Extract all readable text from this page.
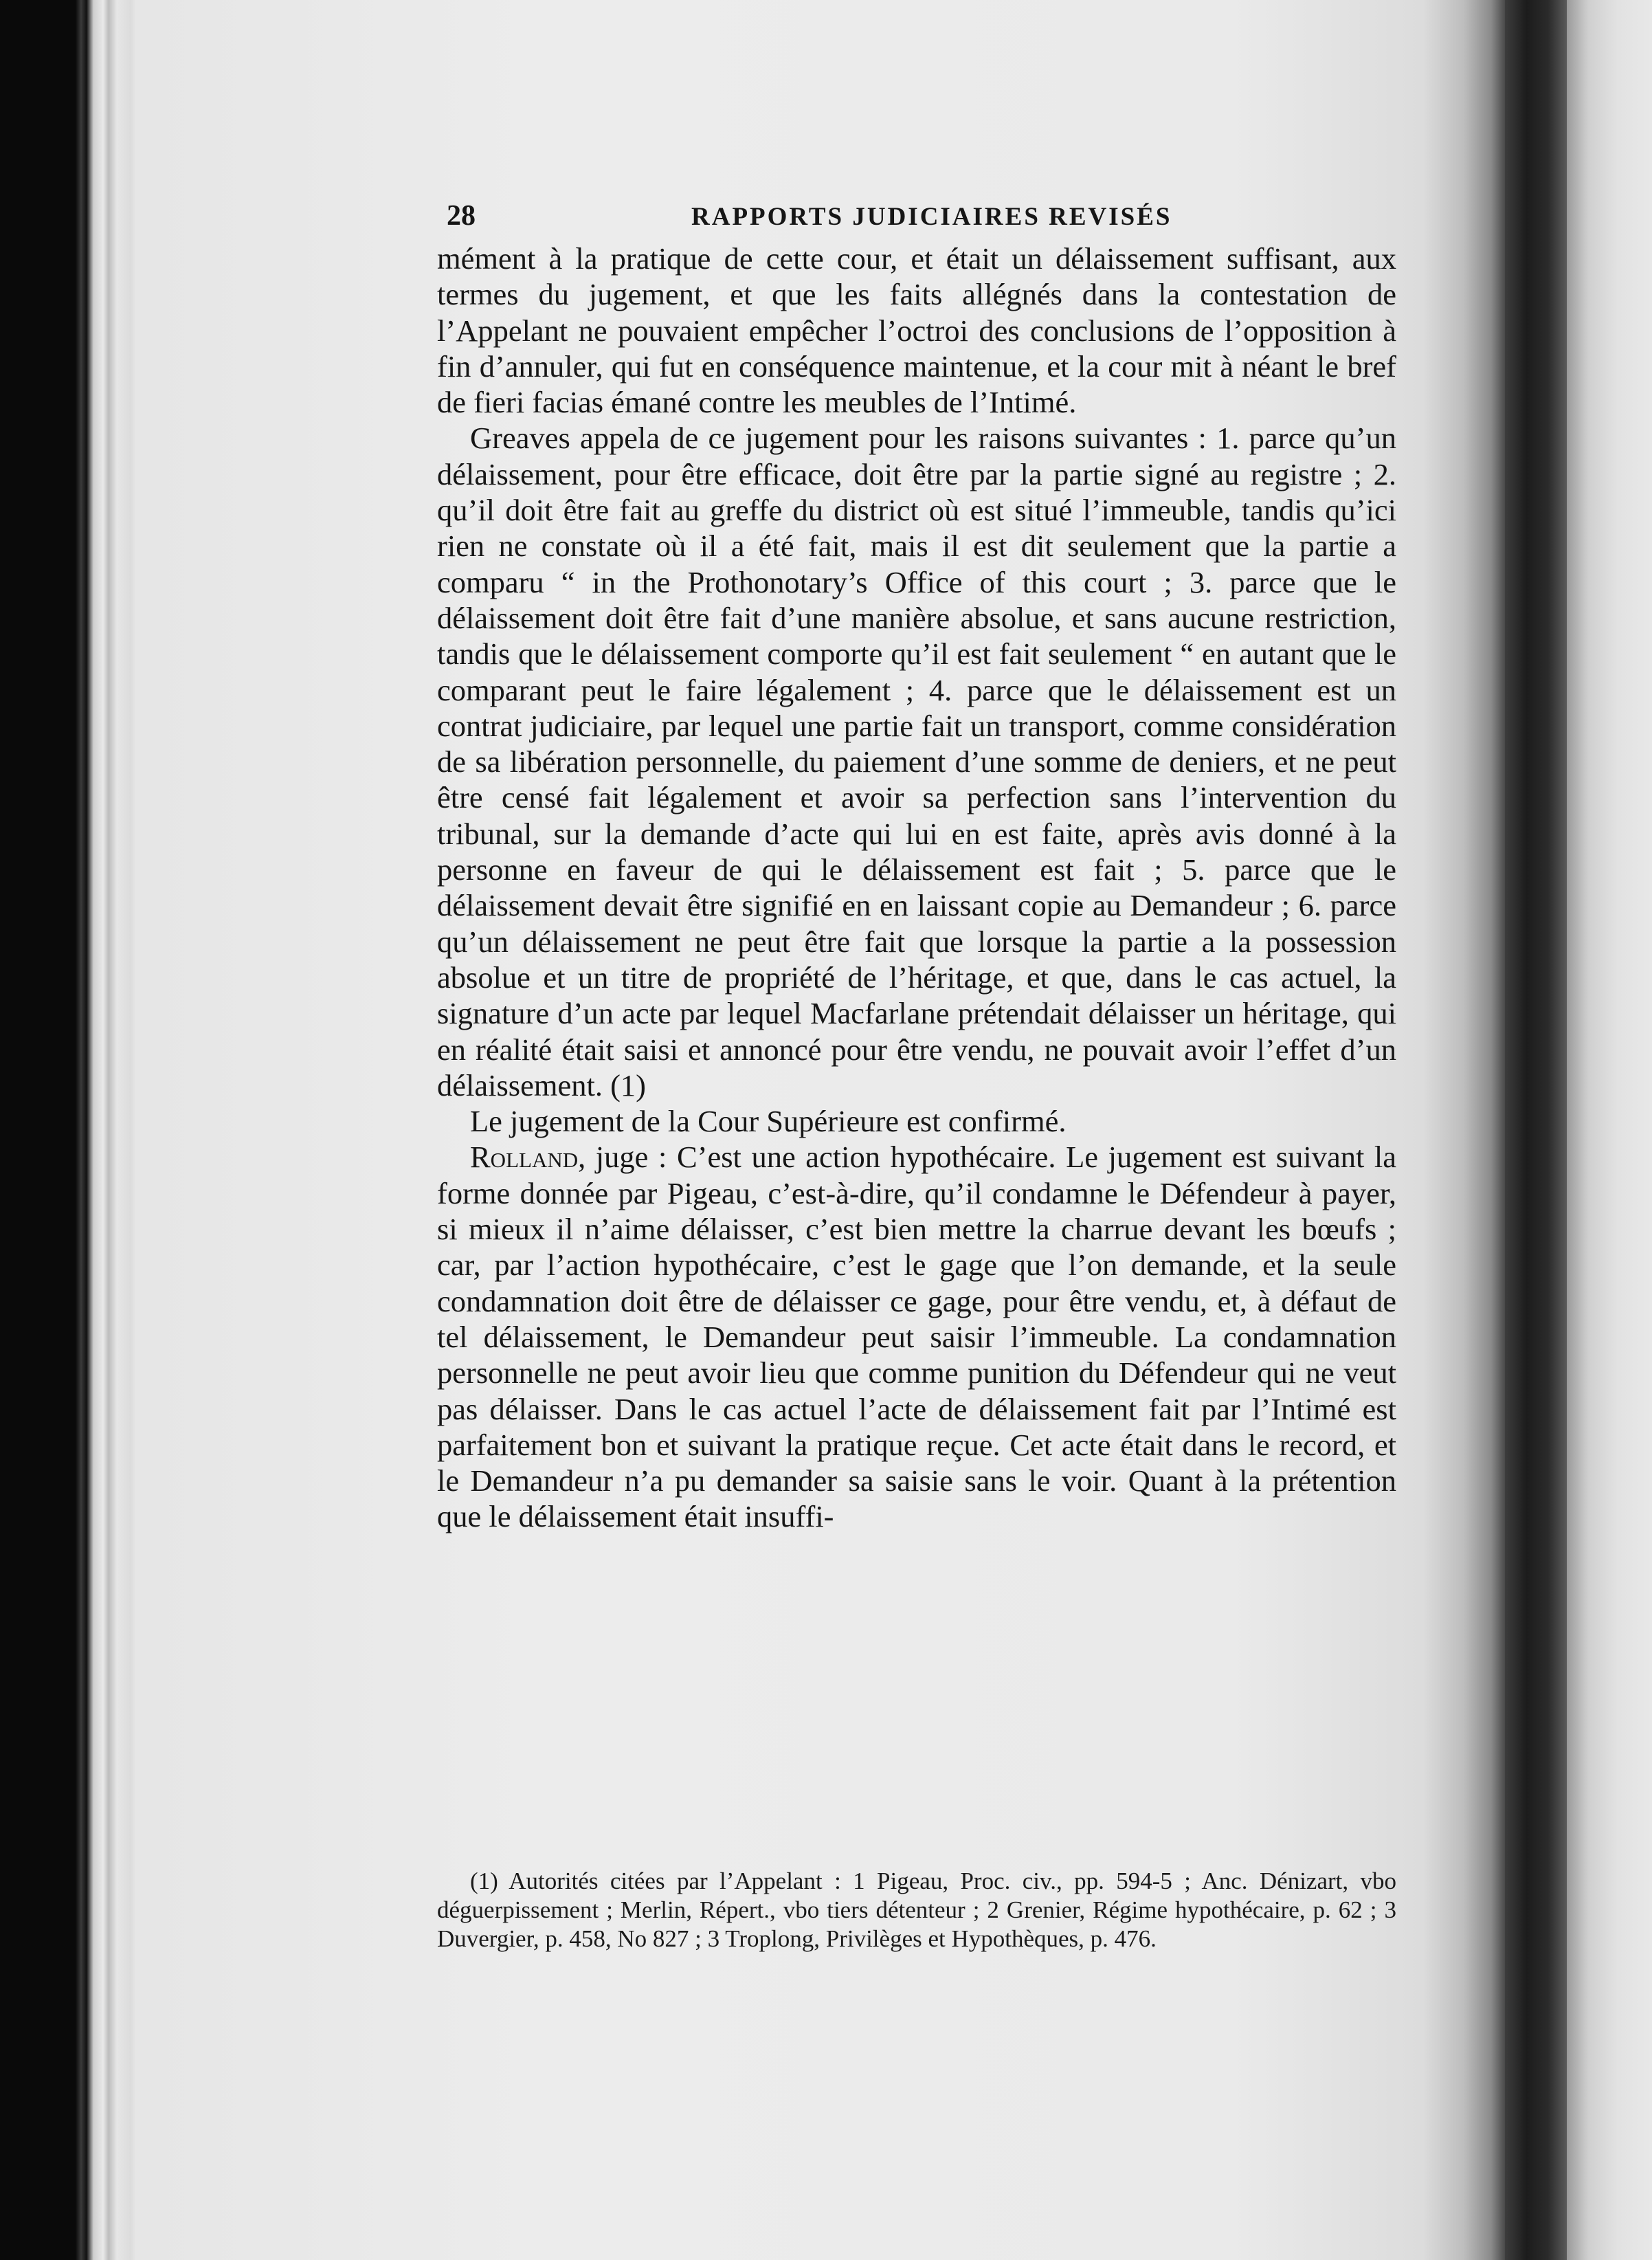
28	RAPPORTS JUDICIAIRES REVISÉS

mément à la pratique de cette cour, et était un délaissement suffisant, aux termes du jugement, et que les faits allégnés dans la contestation de l’Appelant ne pouvaient empêcher l’octroi des conclusions de l’opposition à fin d’annuler, qui fut en conséquence maintenue, et la cour mit à néant le bref de fieri facias émané contre les meubles de l’Intimé.

Greaves appela de ce jugement pour les raisons suivantes : 1. parce qu’un délaissement, pour être efficace, doit être par la partie signé au registre ; 2. qu’il doit être fait au greffe du district où est situé l’immeuble, tandis qu’ici rien ne constate où il a été fait, mais il est dit seulement que la partie a comparu “ in the Prothonotary’s Office of this court ; 3. parce que le délaissement doit être fait d’une manière absolue, et sans aucune restriction, tandis que le délaissement comporte qu’il est fait seulement “ en autant que le comparant peut le faire légalement ; 4. parce que le délaissement est un contrat judiciaire, par lequel une partie fait un transport, comme considération de sa libération personnelle, du paiement d’une somme de deniers, et ne peut être censé fait légalement et avoir sa perfection sans l’intervention du tribunal, sur la demande d’acte qui lui en est faite, après avis donné à la personne en faveur de qui le délaissement est fait ; 5. parce que le délaissement devait être signifié en en laissant copie au Demandeur ; 6. parce qu’un délaissement ne peut être fait que lorsque la partie a la possession absolue et un titre de propriété de l’héritage, et que, dans le cas actuel, la signature d’un acte par lequel Macfarlane prétendait délaisser un héritage, qui en réalité était saisi et annoncé pour être vendu, ne pouvait avoir l’effet d’un délaissement. (1)

Le jugement de la Cour Supérieure est confirmé.

Rolland, juge : C’est une action hypothécaire. Le jugement est suivant la forme donnée par Pigeau, c’est-à-dire, qu’il condamne le Défendeur à payer, si mieux il n’aime délaisser, c’est bien mettre la charrue devant les bœufs ; car, par l’action hypothécaire, c’est le gage que l’on demande, et la seule condamnation doit être de délaisser ce gage, pour être vendu, et, à défaut de tel délaissement, le Demandeur peut saisir l’immeuble. La condamnation personnelle ne peut avoir lieu que comme punition du Défendeur qui ne veut pas délaisser. Dans le cas actuel l’acte de délaissement fait par l’Intimé est parfaitement bon et suivant la pratique reçue. Cet acte était dans le record, et le Demandeur n’a pu demander sa saisie sans le voir. Quant à la prétention que le délaissement était insuffi-

(1) Autorités citées par l’Appelant : 1 Pigeau, Proc. civ., pp. 594-5 ; Anc. Dénizart, vbo déguerpissement ; Merlin, Répert., vbo tiers détenteur ; 2 Grenier, Régime hypothécaire, p. 62 ; 3 Duvergier, p. 458, No 827 ; 3 Troplong, Privilèges et Hypothèques, p. 476.
